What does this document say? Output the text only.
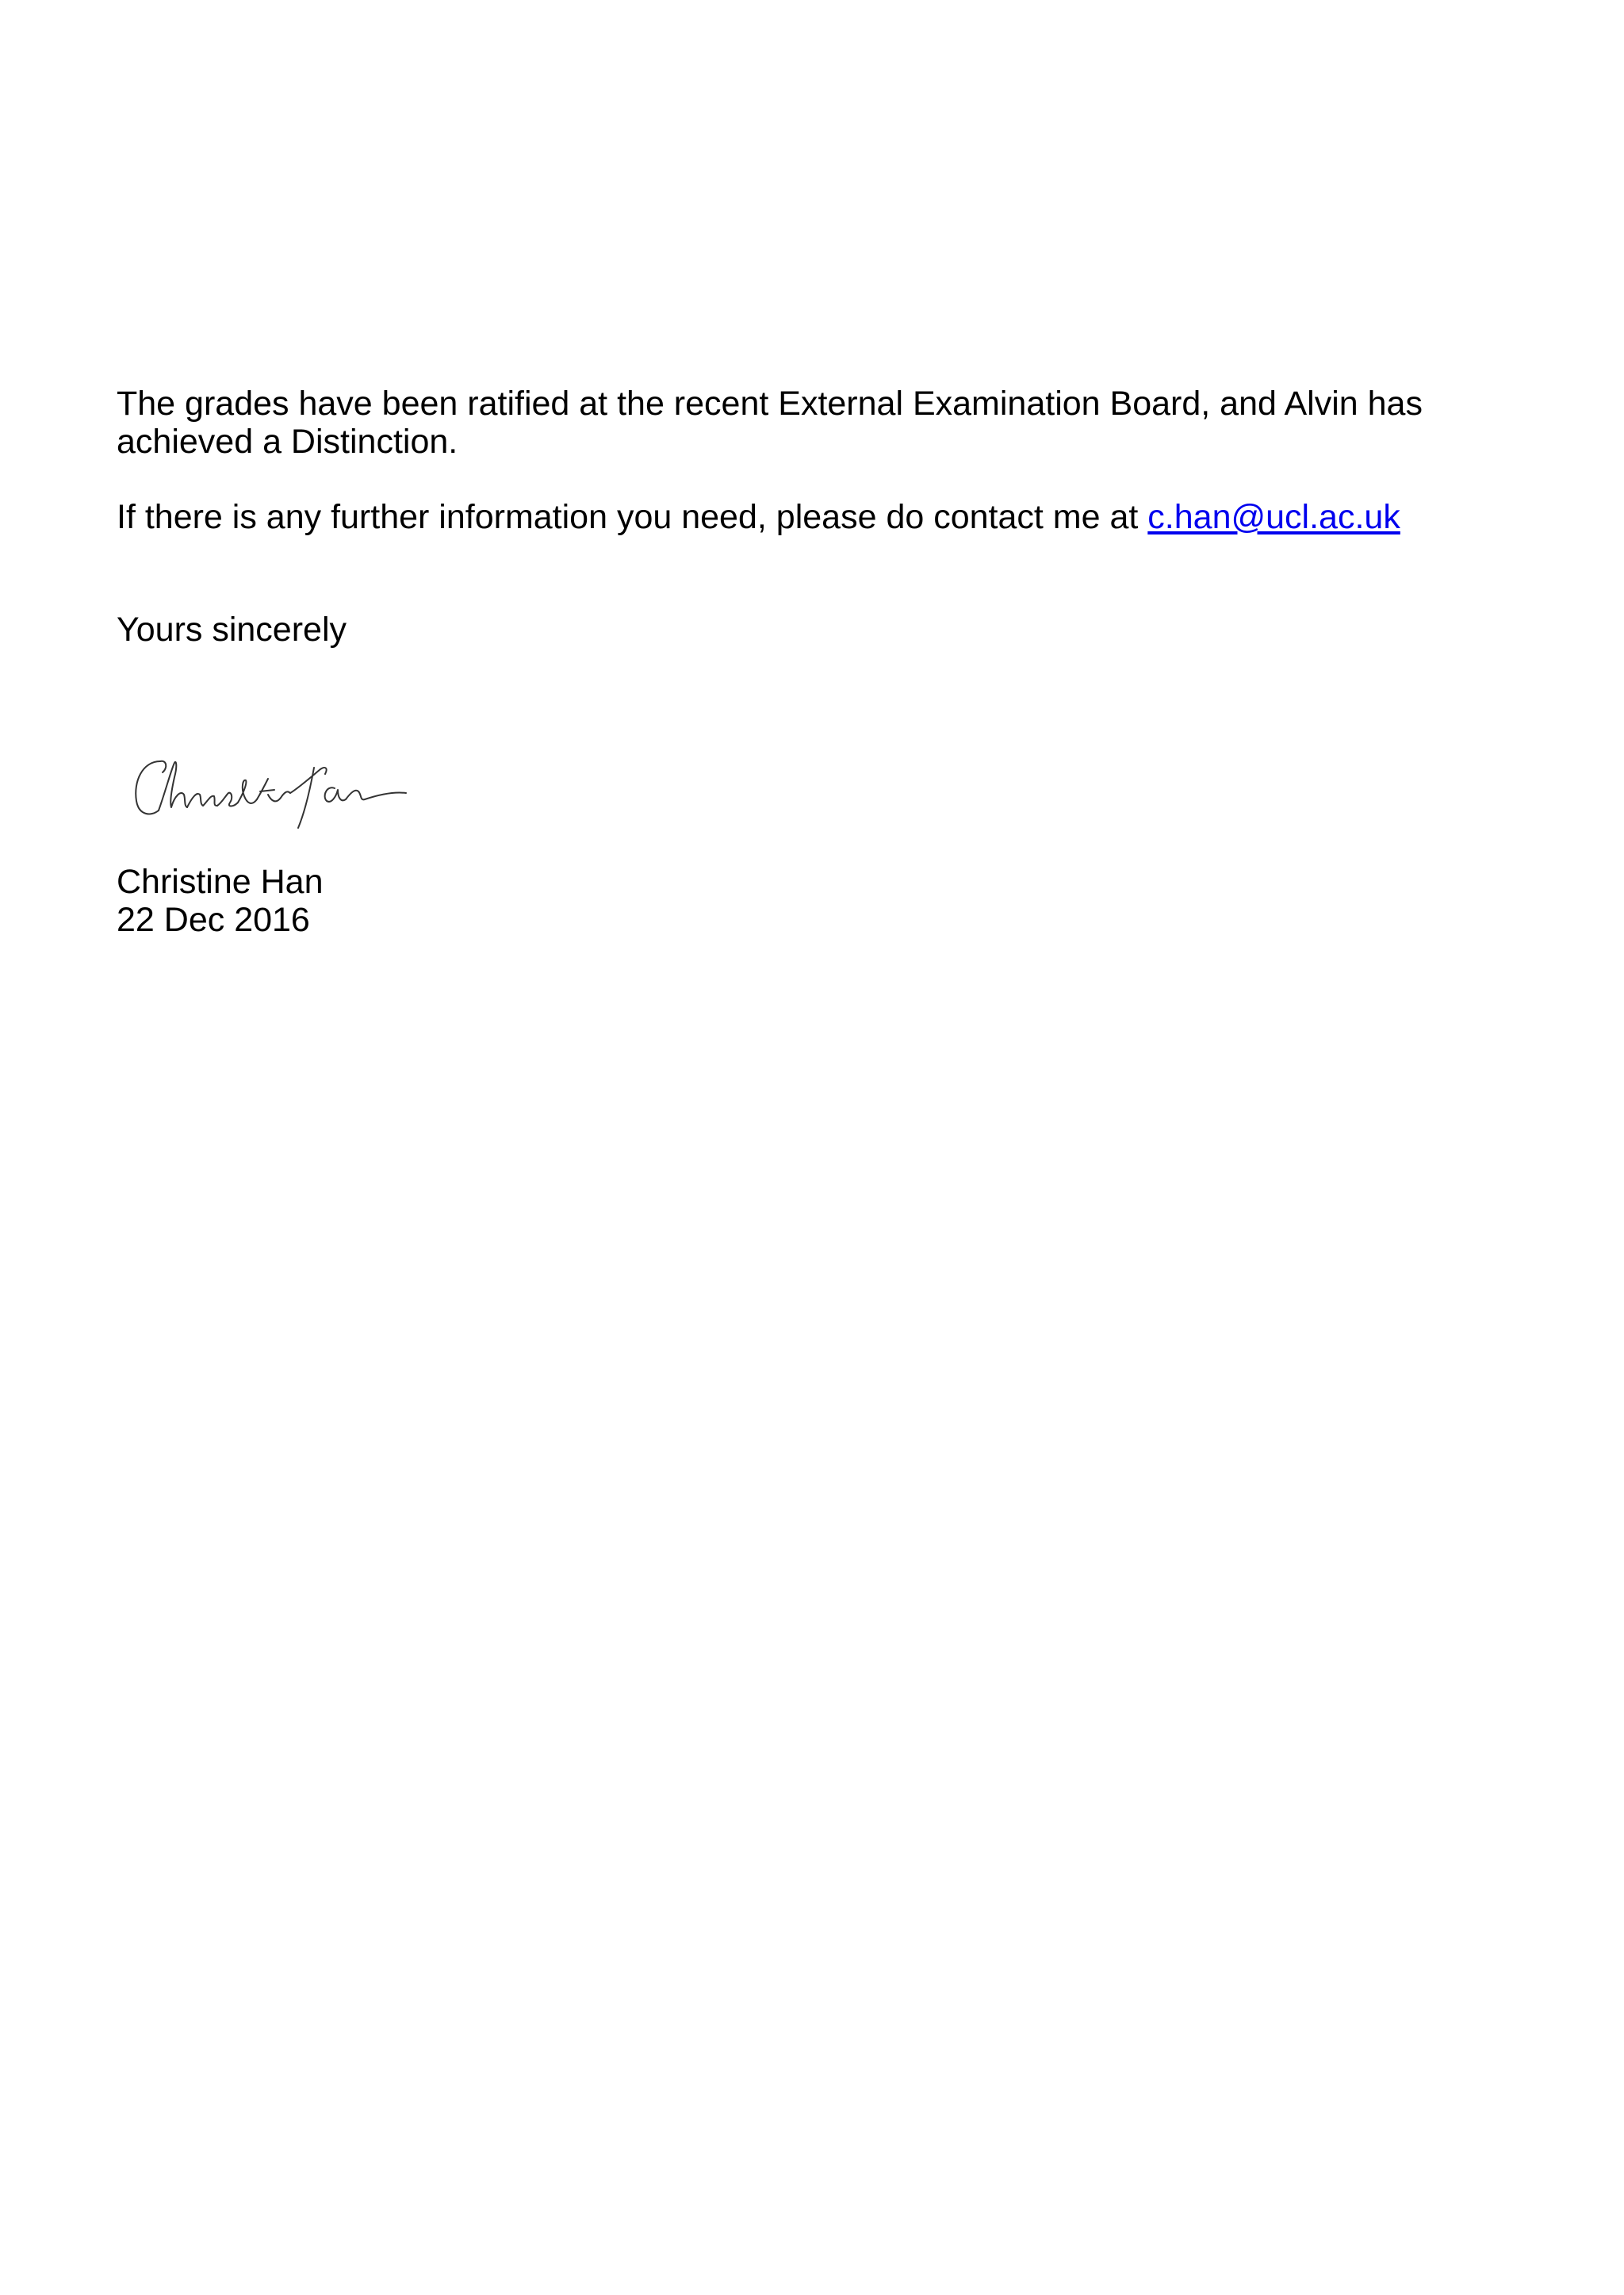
The grades have been ratified at the recent External Examination Board, and Alvin has

achieved a Distinction.

If there is any further information you need, please do contact me at c.han@ucl.ac.uk

Yours sincerely

Christine Han

22 Dec 2016
